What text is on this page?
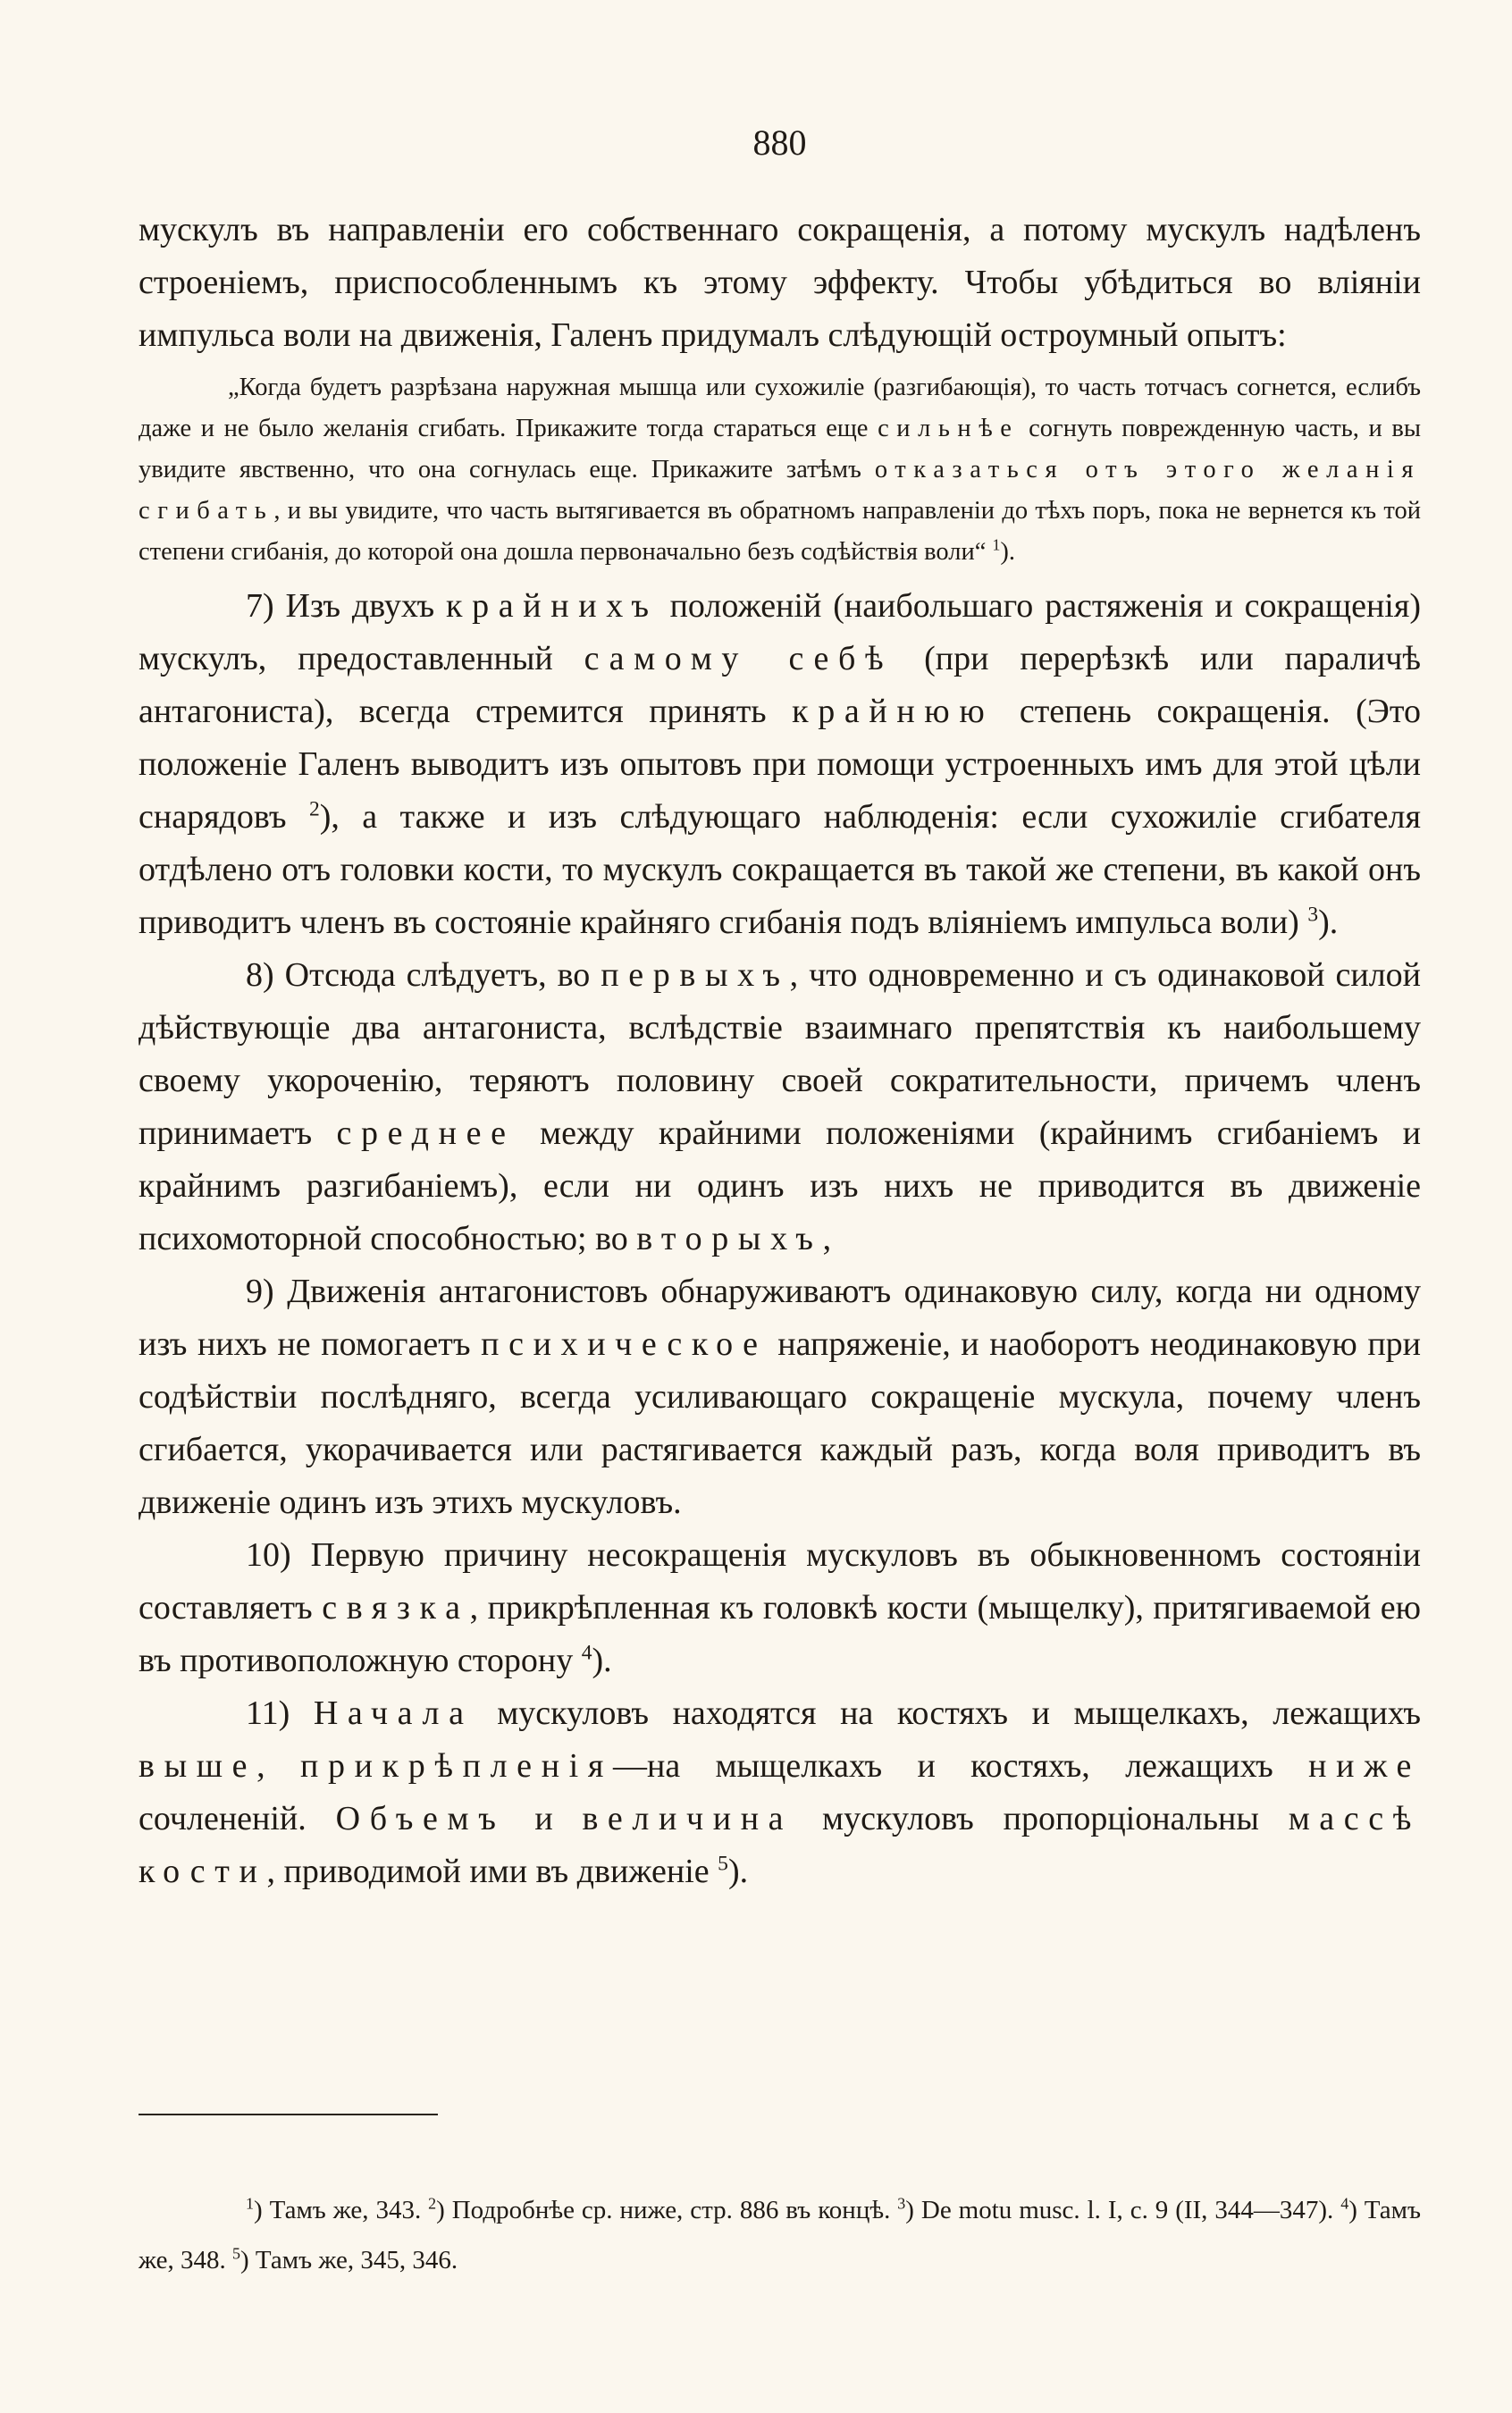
880

мускулъ въ направленіи его собственнаго сокращенія, а потому мускулъ надѣленъ строеніемъ, приспособленнымъ къ этому эффекту. Чтобы убѣдиться во вліяніи импульса воли на движенія, Галенъ придумалъ слѣдующій остроумный опытъ:

„Когда будетъ разрѣзана наружная мышца или сухожиліе (разгибающія), то часть тотчасъ согнется, еслибъ даже и не было желанія сгибать. Прикажите тогда стараться еще сильнѣе согнуть поврежденную часть, и вы увидите явственно, что она согнулась еще. Прикажите затѣмъ отказаться отъ этого желанія сгибать, и вы увидите, что часть вытягивается въ обратномъ направленіи до тѣхъ поръ, пока не вернется къ той степени сгибанія, до которой она дошла первоначально безъ содѣйствія воли“ $^1$).

7) Изъ двухъ крайнихъ положеній (наибольшаго растяженія и сокращенія) мускулъ, предоставленный самому себѣ (при перерѣзкѣ или параличѣ антагониста), всегда стремится принять крайнюю степень сокращенія. (Это положеніе Галенъ выводитъ изъ опытовъ при помощи устроенныхъ имъ для этой цѣли снарядовъ $^2$), а также и изъ слѣдующаго наблюденія: если сухожиліе сгибателя отдѣлено отъ головки кости, то мускулъ сокращается въ такой же степени, въ какой онъ приводитъ членъ въ состояніе крайняго сгибанія подъ вліяніемъ импульса воли) $^3$).

8) Отсюда слѣдуетъ, во первыхъ, что одновременно и съ одинаковой силой дѣйствующіе два антагониста, вслѣдствіе взаимнаго препятствія къ наибольшему своему укороченію, теряютъ половину своей сократительности, причемъ членъ принимаетъ среднее между крайними положеніями (крайнимъ сгибаніемъ и крайнимъ разгибаніемъ), если ни одинъ изъ нихъ не приводится въ движеніе психомоторной способностью; во вторыхъ,

9) Движенія антагонистовъ обнаруживаютъ одинаковую силу, когда ни одному изъ нихъ не помогаетъ психическое напряженіе, и наоборотъ неодинаковую при содѣйствіи послѣдняго, всегда усиливающаго сокращеніе мускула, почему членъ сгибается, укорачивается или растягивается каждый разъ, когда воля приводитъ въ движеніе одинъ изъ этихъ мускуловъ.

10) Первую причину несокращенія мускуловъ въ обыкновенномъ состояніи составляетъ связка, прикрѣпленная къ головкѣ кости (мыщелку), притягиваемой ею въ противоположную сторону $^4$).

11) Начала мускуловъ находятся на костяхъ и мыщелкахъ, лежащихъ выше, прикрѣпленія—на мыщелкахъ и костяхъ, лежащихъ ниже сочлененій. Объемъ и величина мускуловъ пропорціональны массѣ кости, приводимой ими въ движеніе $^5$).

$^1$) Тамъ же, 343. $^2$) Подробнѣе ср. ниже, стр. 886 въ концѣ. $^3$) De motu musc. l. I, c. 9 (II, 344—347). $^4$) Тамъ же, 348. $^5$) Тамъ же, 345, 346.
